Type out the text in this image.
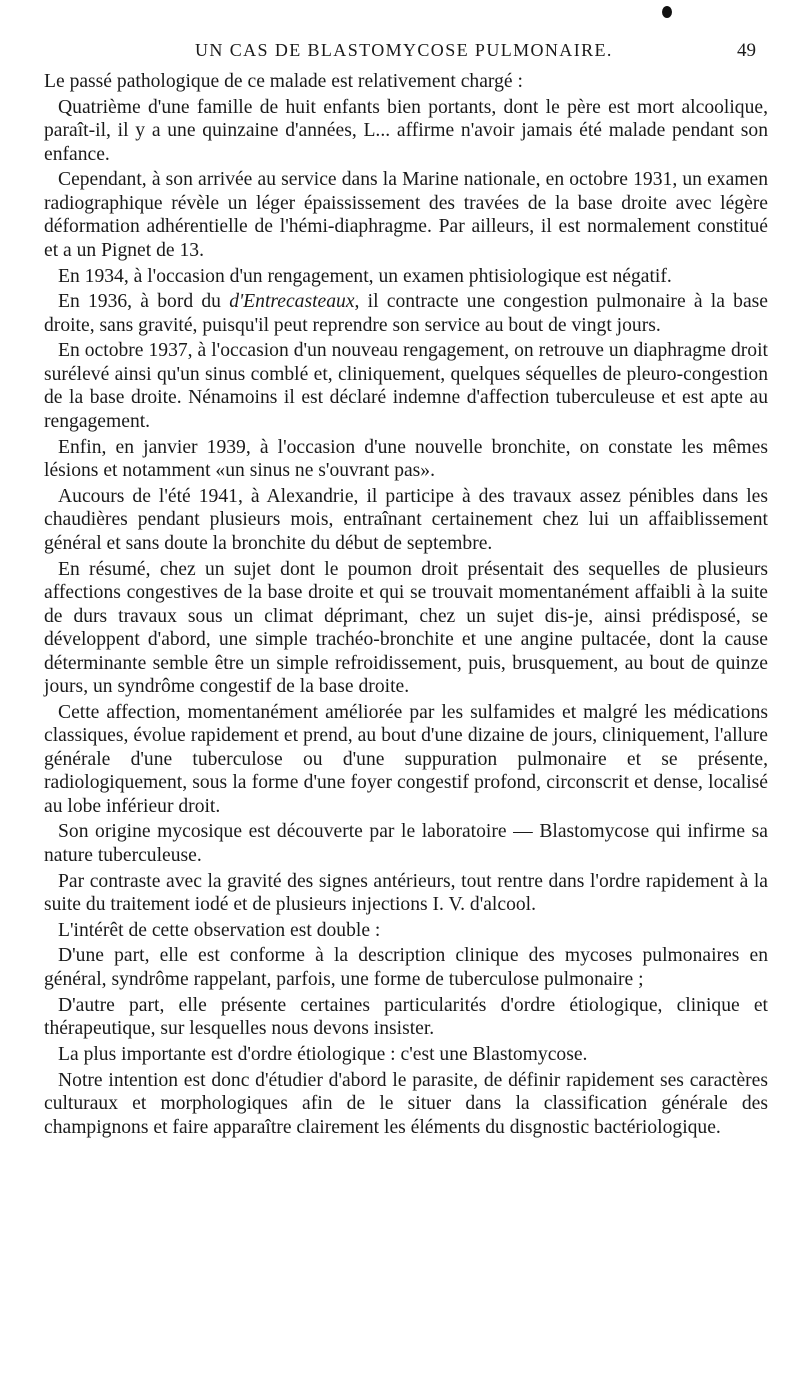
UN CAS DE BLASTOMYCOSE PULMONAIRE.	49

Le passé pathologique de ce malade est relativement chargé :

Quatrième d'une famille de huit enfants bien portants, dont le père est mort alcoolique, paraît-il, il y a une quinzaine d'années, L... affirme n'avoir jamais été malade pendant son enfance.

Cependant, à son arrivée au service dans la Marine nationale, en octobre 1931, un examen radiographique révèle un léger épaississement des travées de la base droite avec légère déformation adhérentielle de l'hémi-diaphragme. Par ailleurs, il est normalement constitué et a un Pignet de 13.

En 1934, à l'occasion d'un rengagement, un examen phtisiologique est négatif.

En 1936, à bord du d'Entrecasteaux, il contracte une congestion pulmonaire à la base droite, sans gravité, puisqu'il peut reprendre son service au bout de vingt jours.

En octobre 1937, à l'occasion d'un nouveau rengagement, on retrouve un diaphragme droit surélevé ainsi qu'un sinus comblé et, cliniquement, quelques séquelles de pleuro-congestion de la base droite. Nénamoins il est déclaré indemne d'affection tuberculeuse et est apte au rengagement.

Enfin, en janvier 1939, à l'occasion d'une nouvelle bronchite, on constate les mêmes lésions et notamment «un sinus ne s'ouvrant pas».

Aucours de l'été 1941, à Alexandrie, il participe à des travaux assez pénibles dans les chaudières pendant plusieurs mois, entraînant certainement chez lui un affaiblissement général et sans doute la bronchite du début de septembre.

En résumé, chez un sujet dont le poumon droit présentait des sequelles de plusieurs affections congestives de la base droite et qui se trouvait momentanément affaibli à la suite de durs travaux sous un climat déprimant, chez un sujet dis-je, ainsi prédisposé, se développent d'abord, une simple trachéo-bronchite et une angine pultacée, dont la cause déterminante semble être un simple refroidissement, puis, brusquement, au bout de quinze jours, un syndrôme congestif de la base droite.

Cette affection, momentanément améliorée par les sulfamides et malgré les médications classiques, évolue rapidement et prend, au bout d'une dizaine de jours, cliniquement, l'allure générale d'une tuberculose ou d'une suppuration pulmonaire et se présente, radiologiquement, sous la forme d'une foyer congestif profond, circonscrit et dense, localisé au lobe inférieur droit.

Son origine mycosique est découverte par le laboratoire — Blastomycose qui infirme sa nature tuberculeuse.

Par contraste avec la gravité des signes antérieurs, tout rentre dans l'ordre rapidement à la suite du traitement iodé et de plusieurs injections I. V. d'alcool.

L'intérêt de cette observation est double :

D'une part, elle est conforme à la description clinique des mycoses pulmonaires en général, syndrôme rappelant, parfois, une forme de tuberculose pulmonaire ;

D'autre part, elle présente certaines particularités d'ordre étiologique, clinique et thérapeutique, sur lesquelles nous devons insister.

La plus importante est d'ordre étiologique : c'est une Blastomycose.

Notre intention est donc d'étudier d'abord le parasite, de définir rapidement ses caractères culturaux et morphologiques afin de le situer dans la classification générale des champignons et faire apparaître clairement les éléments du disgnostic bactériologique.
